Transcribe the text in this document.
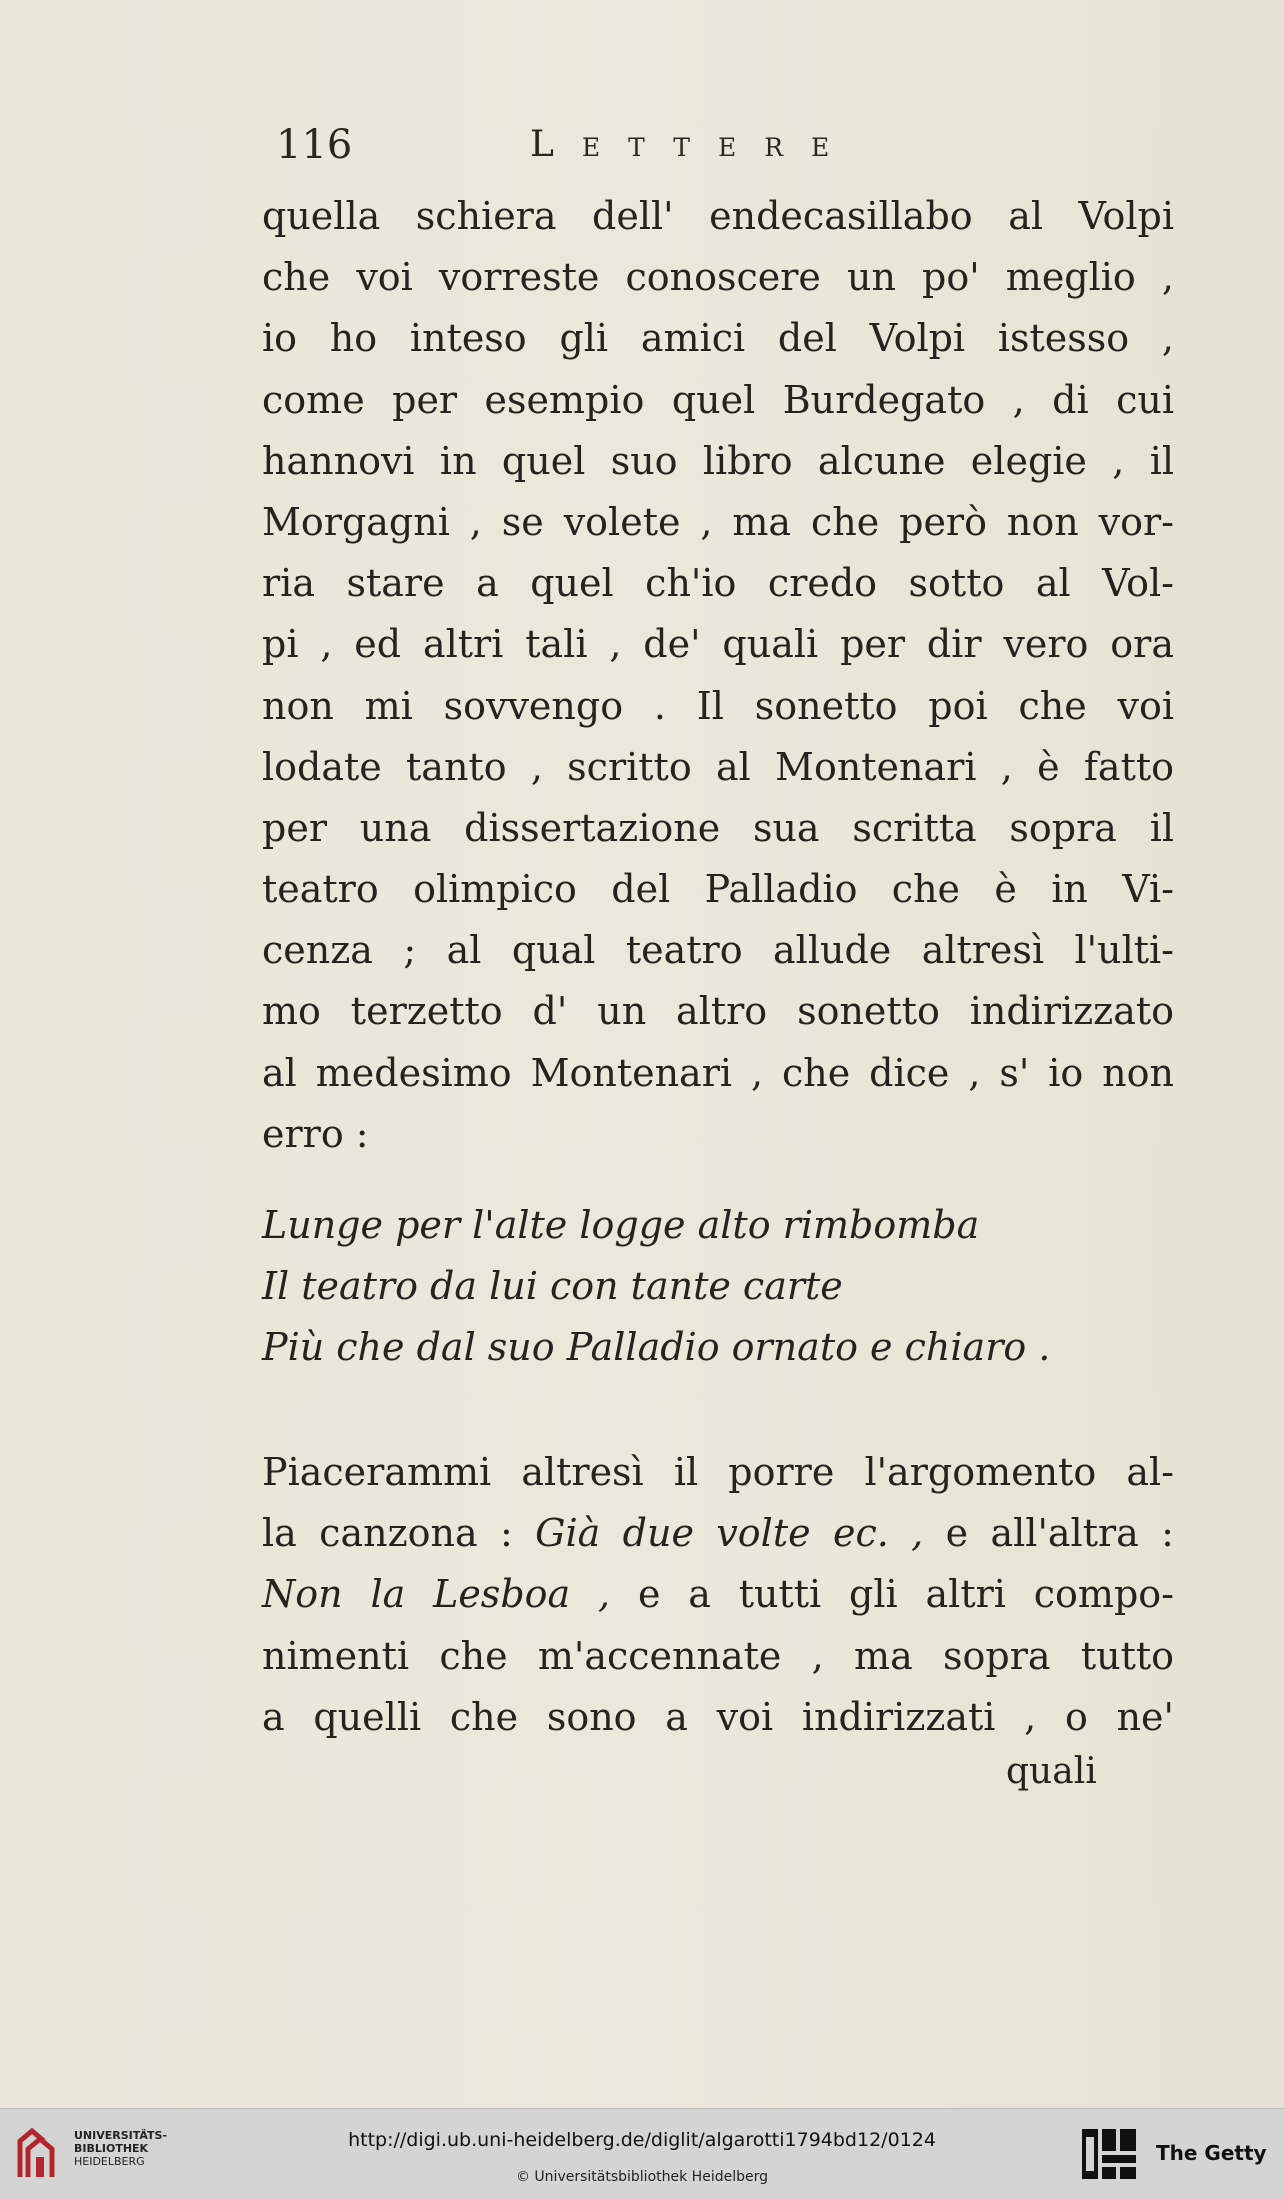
116	Lettere
quella schiera dell' endecasillabo al Volpi
che voi vorreste conoscere un po' meglio ,
io ho inteso gli amici del Volpi istesso ,
come per esempio quel Burdegato , di cui
hannovi in quel suo libro alcune elegie , il
Morgagni , se volete , ma che però non vor-
ria stare a quel ch'io credo sotto al Vol-
pi , ed altri tali , de' quali per dir vero ora
non mi sovvengo . Il sonetto poi che voi
lodate tanto , scritto al Montenari , è fatto
per una dissertazione sua scritta sopra il
teatro olimpico del Palladio che è in Vi-
cenza ; al qual teatro allude altresì l'ulti-
mo terzetto d' un altro sonetto indirizzato
al medesimo Montenari , che dice , s' io non
erro :
Lunge per l'alte logge alto rimbomba
Il teatro da lui con tante carte
Più che dal suo Palladio ornato e chiaro .
Piacerammi altresì il porre l'argomento al-
la canzona : Già due volte ec. , e all'altra :
Non la Lesboa , e a tutti gli altri compo-
nimenti che m'accennate , ma sopra tutto
a quelli che sono a voi indirizzati , o ne'
quali
UNIVERSITÄTS-
BIBLIOTHEK
HEIDELBERG
http://digi.ub.uni-heidelberg.de/diglit/algarotti1794bd12/0124
© Universitätsbibliothek Heidelberg
The Getty
